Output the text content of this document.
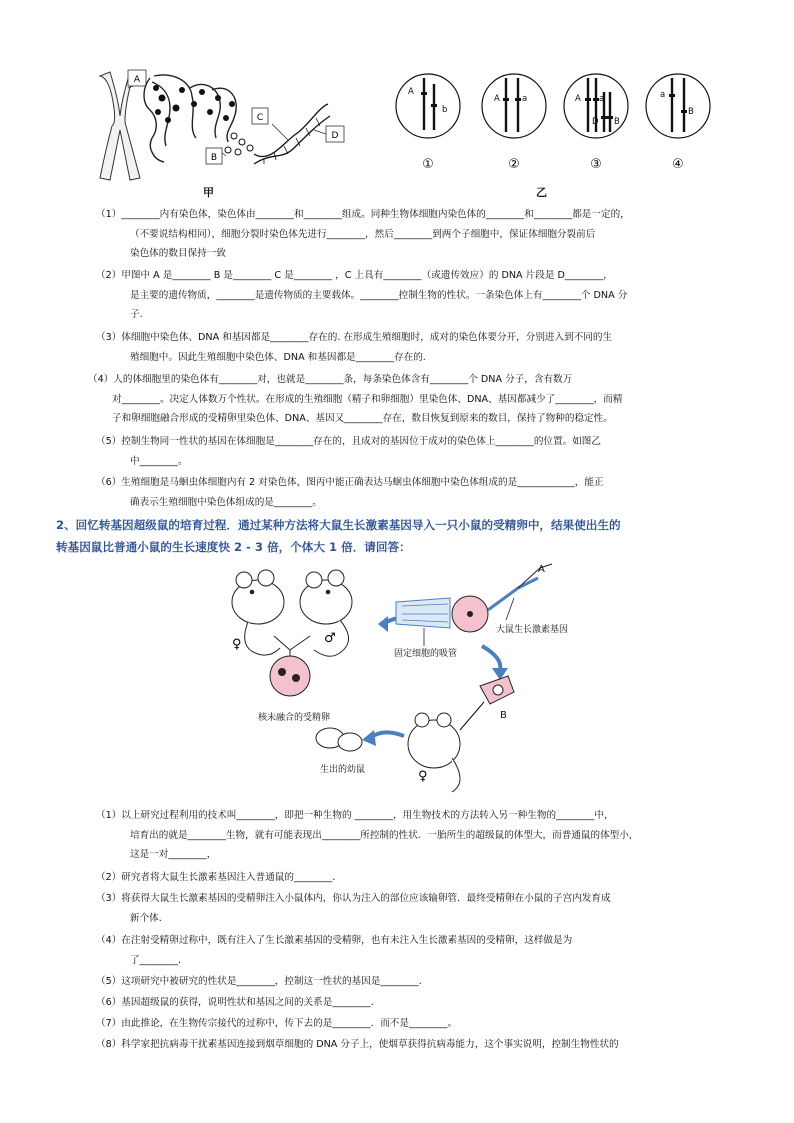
A
B
C
D
甲	乙
A
b
A	a	A a
D B
a
B
①	②	③	④
（1）________内有染色体，染色体由________和________组成。同种生物体细胞内染色体的________和________都是一定的，
（不要说结构相同），细胞分裂时染色体先进行________，然后________到两个子细胞中，保证体细胞分裂前后
染色体的数目保持一致
（2）甲图中 A 是________ B 是________ C 是________ ，C 上具有________（或遗传效应）的 DNA 片段是 D________，
是主要的遗传物质，________是遗传物质的主要载体。________控制生物的性状。一条染色体上有________个 DNA 分
子.
（3）体细胞中染色体、DNA 和基因都是________存在的. 在形成生殖细胞时，成对的染色体要分开，分别进入到不同的生
殖细胞中。因此生殖细胞中染色体、DNA 和基因都是________存在的.
（4）人的体细胞里的染色体有________对，也就是________条，每条染色体含有________个 DNA 分子，含有数万
对________。决定人体数万个性状。在形成的生殖细胞（精子和卵细胞）里染色体、DNA、基因都减少了________，而精
子和卵细胞融合形成的受精卵里染色体、DNA、基因又________存在，数目恢复到原来的数目，保持了物种的稳定性。
（5）控制生物同一性状的基因在体细胞是________存在的，且成对的基因位于成对的染色体上________的位置。如图乙
中________。
（6）生殖细胞是马蛔虫体细胞内有 2 对染色体，图丙中能正确表达马蛔虫体细胞中染色体组成的是____________，能正
确表示生殖细胞中染色体组成的是________。
2、回忆转基因超级鼠的培育过程．通过某种方法将大鼠生长激素基因导入一只小鼠的受精卵中，结果使出生的
转基因鼠比普通小鼠的生长速度快 2 - 3 倍，个体大 1 倍．请回答：
♀	♂
核未融合的受精卵
固定细胞的吸管
A
大鼠生长激素基因
B
♀
生出的幼鼠
（1）以上研究过程利用的技术叫________，即把一种生物的 ________，用生物技术的方法转入另一种生物的________中，
培育出的就是________生物，就有可能表现出________所控制的性状．一胎所生的超级鼠的体型大，而普通鼠的体型小，
这是一对________，
（2）研究者将大鼠生长激素基因注入普通鼠的________.
（3）将获得大鼠生长激素基因的受精卵注入小鼠体内，你认为注入的部位应该输卵管．最终受精卵在小鼠的子宫内发育成
新个体.
（4）在注射受精卵过称中，既有注入了生长激素基因的受精卵，也有未注入生长激素基因的受精卵，这样做是为
了________.
（5）这项研究中被研究的性状是________，控制这一性状的基因是________.
（6）基因超级鼠的获得，说明性状和基因之间的关系是________.
（7）由此推论，在生物传宗接代的过称中，传下去的是________．而不是________。
（8）科学家把抗病毒干扰素基因连接到烟草细胞的 DNA 分子上，使烟草获得抗病毒能力，这个事实说明，控制生物性状的
